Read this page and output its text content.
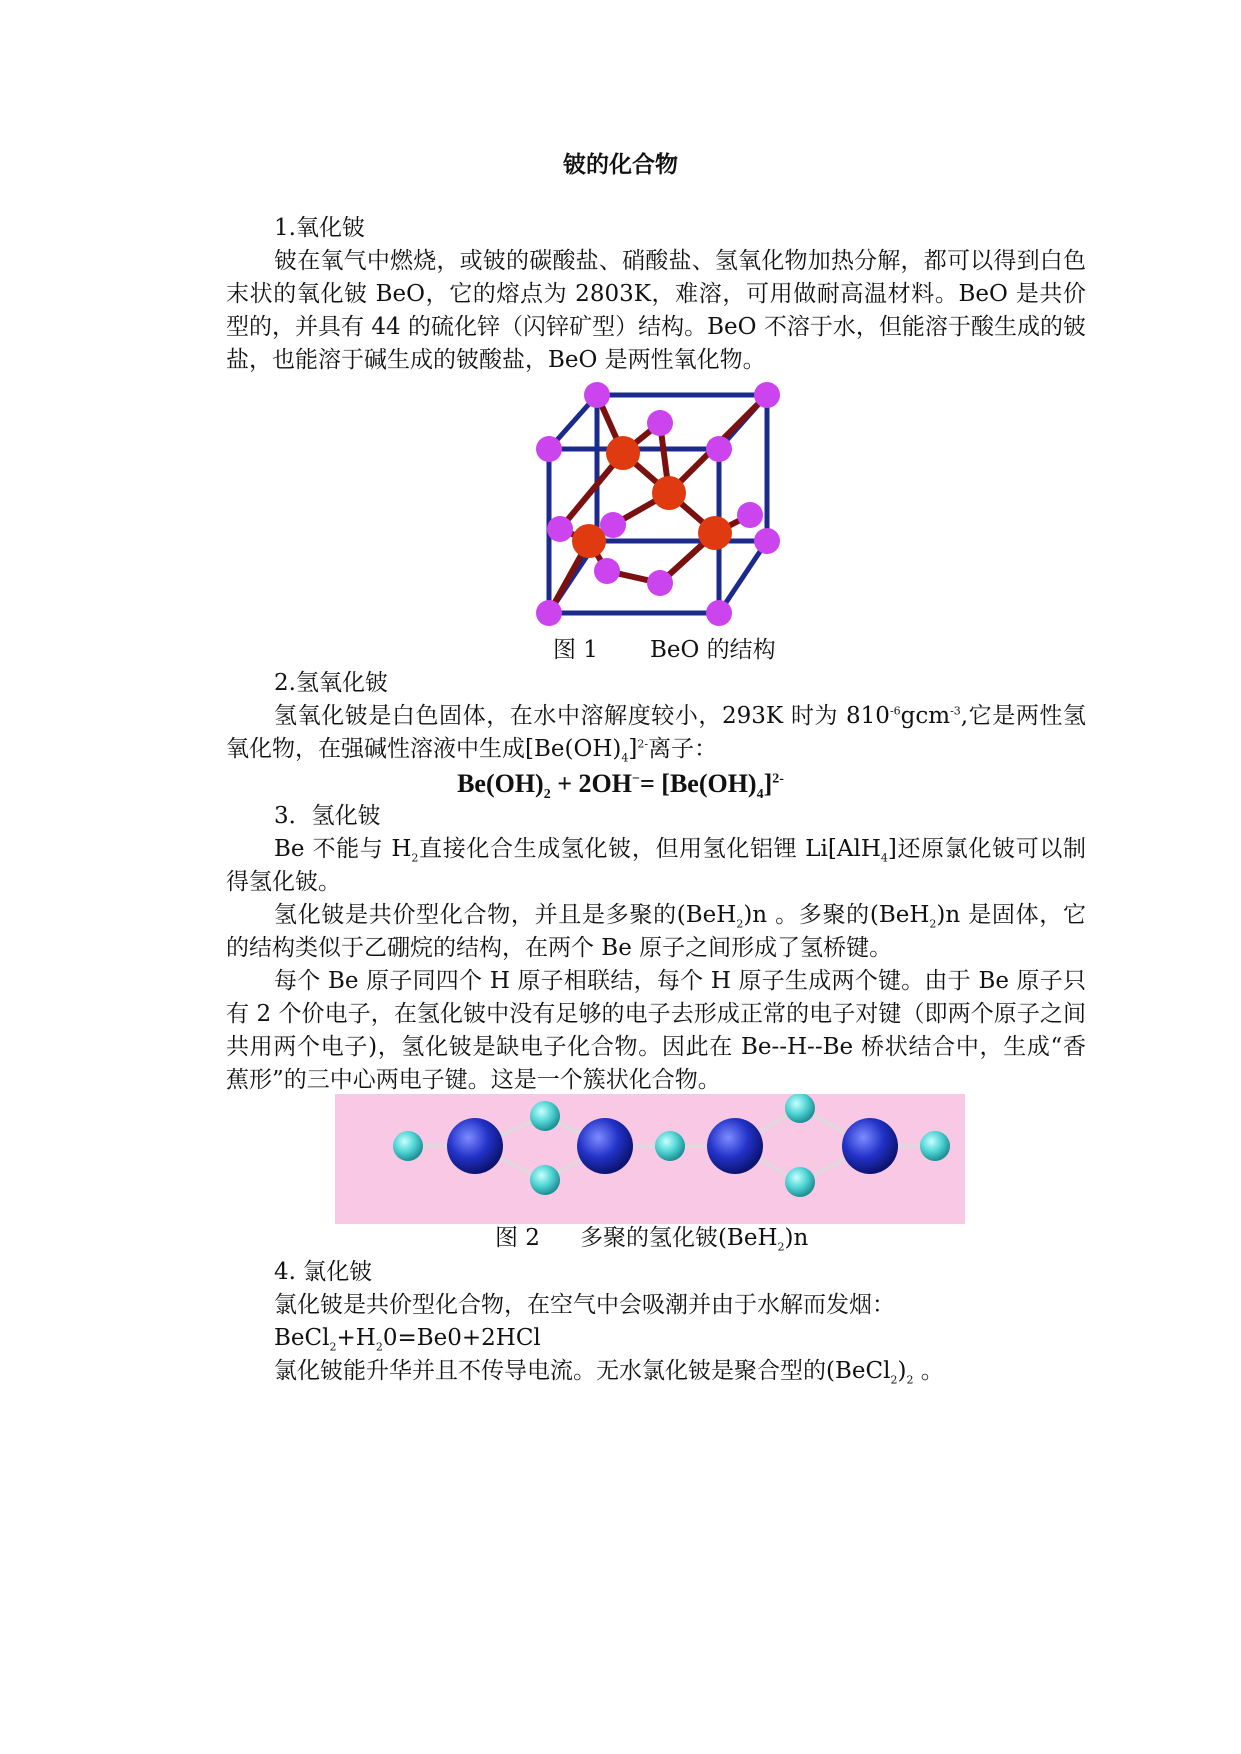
铍的化合物
1.氧化铍
铍在氧气中燃烧，或铍的碳酸盐、硝酸盐、氢氧化物加热分解，都可以得到白色末状的氧化铍 BeO，它的熔点为 2803K，难溶，可用做耐高温材料。BeO 是共价型的，并具有 44 的硫化锌（闪锌矿型）结构。BeO 不溶于水，但能溶于酸生成的铍盐，也能溶于碱生成的铍酸盐，BeO 是两性氧化物。
图 1 BeO 的结构
2.氢氧化铍
氢氧化铍是白色固体，在水中溶解度较小，293K 时为 $810^{-6}gcm^{-3}$,它是两性氢氧化物，在强碱性溶液中生成$[Be(OH)_4]^{2-}$离子：
$Be(OH)_2 + 2OH^-= [Be(OH)_4]^{2-}$
3．氢化铍
Be 不能与 $H_2$直接化合生成氢化铍，但用氢化铝锂 Li[AlH$_4$]还原氯化铍可以制得氢化铍。
氢化铍是共价型化合物，并且是多聚的(BeH$_2$)n 。多聚的(BeH$_2$)n 是固体，它的结构类似于乙硼烷的结构，在两个 Be 原子之间形成了氢桥键。
每个 Be 原子同四个 H 原子相联结，每个 H 原子生成两个键。由于 Be 原子只有 2 个价电子，在氢化铍中没有足够的电子去形成正常的电子对键（即两个原子之间共用两个电子)，氢化铍是缺电子化合物。因此在 Be--H--Be 桥状结合中，生成“香蕉形”的三中心两电子键。这是一个簇状化合物。
图 2 多聚的氢化铍(BeH$_2$)n
4. 氯化铍
氯化铍是共价型化合物，在空气中会吸潮并由于水解而发烟：
$BeCl_2+H_20=Be0+2HCl$
氯化铍能升华并且不传导电流。无水氯化铍是聚合型的$(BeCl_2)_2$ 。
